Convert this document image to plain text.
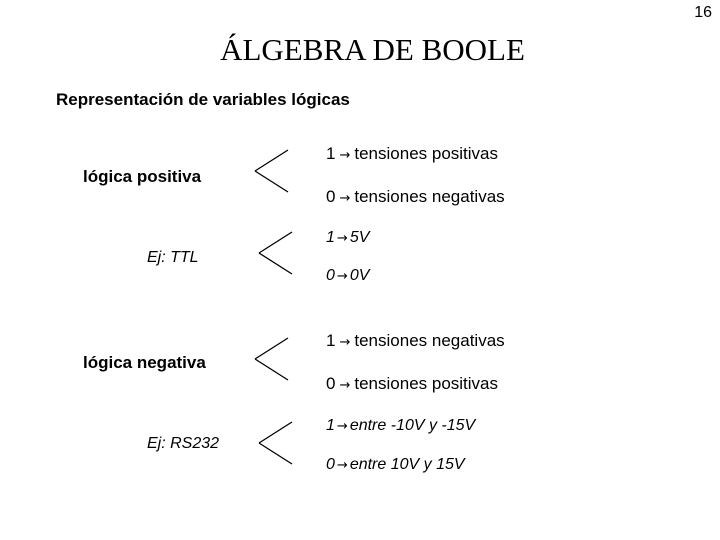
16
ÁLGEBRA DE BOOLE
Representación de variables lógicas
lógica positiva
1 → tensiones positivas
0 → tensiones negativas
Ej: TTL
1 → 5V
0 → 0V
lógica negativa
1 → tensiones negativas
0 → tensiones positivas
Ej: RS232
1 → entre -10V y -15V
0 → entre 10V y 15V
